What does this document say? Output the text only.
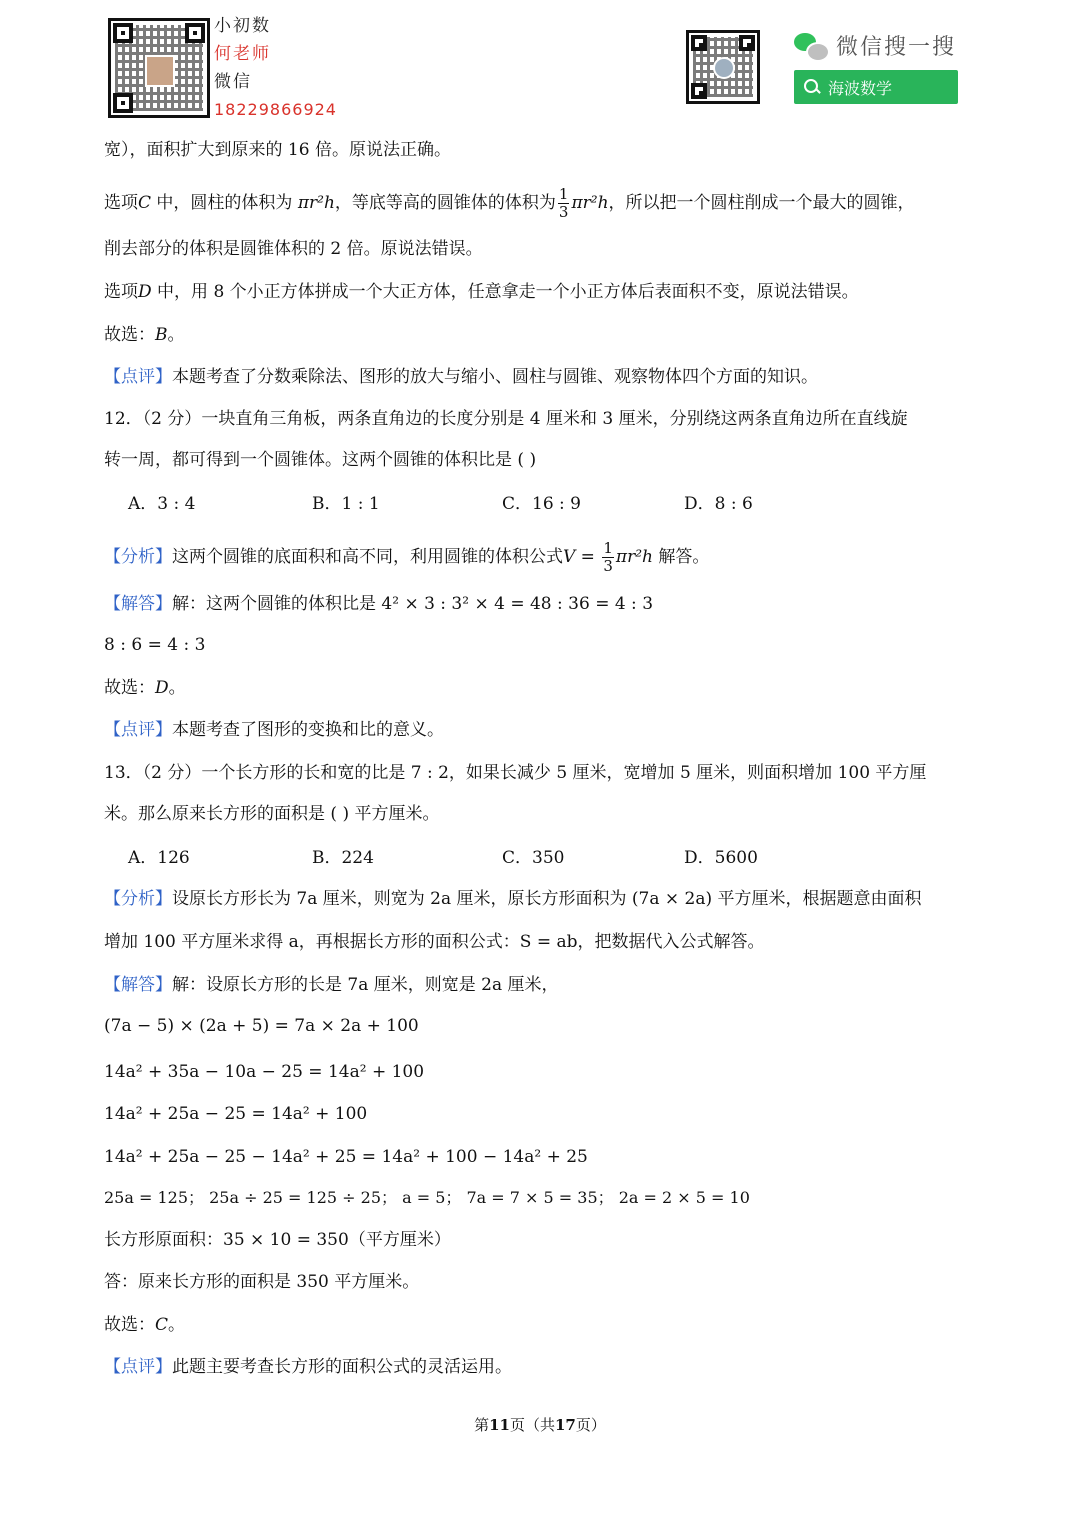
小初数
何老师
微信
18229866924
微信搜一搜
海波数学
宽），面积扩大到原来的 16 倍。原说法正确。
选项C 中，圆柱的体积为 πr²h，等底等高的圆锥体的体积为 $\frac{1}{3} \pi r^2h$，所以把一个圆柱削成一个最大的圆锥，
削去部分的体积是圆锥体积的 2 倍。原说法错误。
选项D 中，用 8 个小正方体拼成一个大正方体，任意拿走一个小正方体后表面积不变，原说法错误。
故选：B。
【点评】本题考查了分数乘除法、图形的放大与缩小、圆柱与圆锥、观察物体四个方面的知识。
12．（2 分）一块直角三角板，两条直角边的长度分别是 4 厘米和 3 厘米，分别绕这两条直角边所在直线旋
转一周，都可得到一个圆锥体。这两个圆锥的体积比是 ( )
A．3 : 4	B．1 : 1	C．16 : 9	D．8 : 6
【分析】这两个圆锥的底面积和高不同，利用圆锥的体积公式$V = \frac{1}{3} \pi r^2h$ 解答。
【解答】解：这两个圆锥的体积比是 4² × 3 : 3² × 4 = 48 : 36 = 4 : 3
8 : 6 = 4 : 3
故选：D。
【点评】本题考查了图形的变换和比的意义。
13．（2 分）一个长方形的长和宽的比是 7 : 2，如果长减少 5 厘米，宽增加 5 厘米，则面积增加 100 平方厘
米。那么原来长方形的面积是 ( ) 平方厘米。
A．126	B．224	C．350	D．5600
【分析】设原长方形长为 7a 厘米，则宽为 2a 厘米，原长方形面积为 (7a × 2a) 平方厘米，根据题意由面积
增加 100 平方厘米求得 a，再根据长方形的面积公式：S = ab，把数据代入公式解答。
【解答】解：设原长方形的长是 7a 厘米，则宽是 2a 厘米，
(7a − 5) × (2a + 5) = 7a × 2a + 100
14a² + 35a − 10a − 25 = 14a² + 100
14a² + 25a − 25 = 14a² + 100
14a² + 25a − 25 − 14a² + 25 = 14a² + 100 − 14a² + 25
25a = 125； 25a ÷ 25 = 125 ÷ 25； a = 5； 7a = 7 × 5 = 35； 2a = 2 × 5 = 10
长方形原面积：35 × 10 = 350（平方厘米）
答：原来长方形的面积是 350 平方厘米。
故选：C。
【点评】此题主要考查长方形的面积公式的灵活运用。
第11页（共17页）
